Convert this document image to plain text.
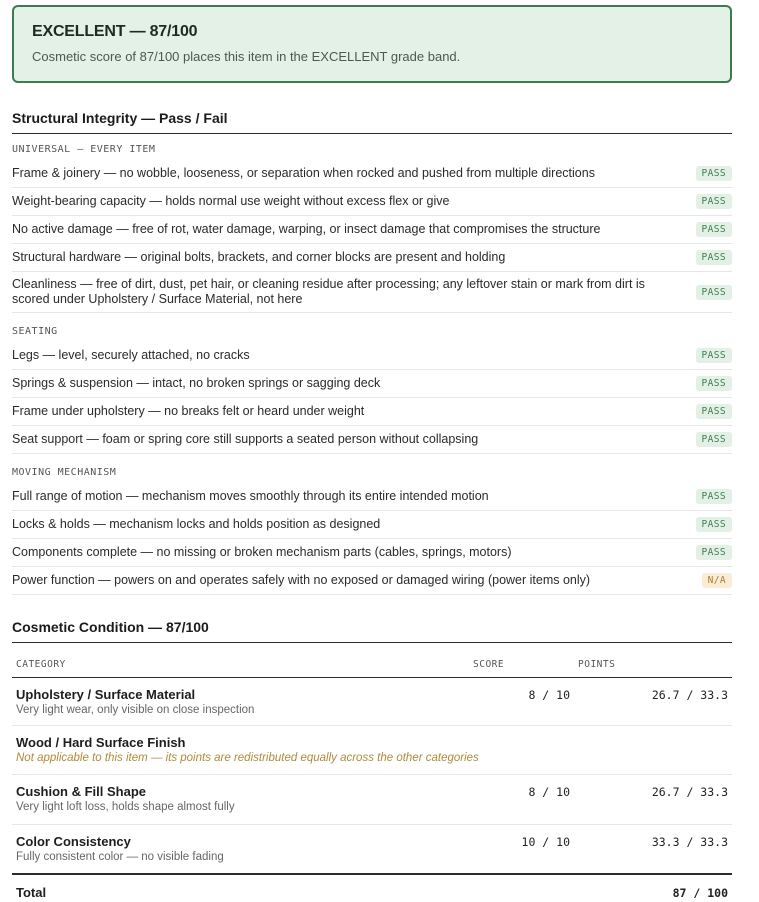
EXCELLENT — 87/100
Cosmetic score of 87/100 places this item in the EXCELLENT grade band.
Structural Integrity — Pass / Fail
UNIVERSAL — EVERY ITEM
Frame & joinery — no wobble, looseness, or separation when rocked and pushed from multiple directions	PASS
Weight-bearing capacity — holds normal use weight without excess flex or give	PASS
No active damage — free of rot, water damage, warping, or insect damage that compromises the structure	PASS
Structural hardware — original bolts, brackets, and corner blocks are present and holding	PASS
Cleanliness — free of dirt, dust, pet hair, or cleaning residue after processing; any leftover stain or mark from dirt is scored under Upholstery / Surface Material, not here	PASS
SEATING
Legs — level, securely attached, no cracks	PASS
Springs & suspension — intact, no broken springs or sagging deck	PASS
Frame under upholstery — no breaks felt or heard under weight	PASS
Seat support — foam or spring core still supports a seated person without collapsing	PASS
MOVING MECHANISM
Full range of motion — mechanism moves smoothly through its entire intended motion	PASS
Locks & holds — mechanism locks and holds position as designed	PASS
Components complete — no missing or broken mechanism parts (cables, springs, motors)	PASS
Power function — powers on and operates safely with no exposed or damaged wiring (power items only)	N/A
Cosmetic Condition — 87/100
CATEGORY	SCORE	POINTS
Upholstery / Surface Material
Very light wear, only visible on close inspection
8 / 10	26.7 / 33.3
Wood / Hard Surface Finish
Not applicable to this item — its points are redistributed equally across the other categories
Cushion & Fill Shape
Very light loft loss, holds shape almost fully
8 / 10	26.7 / 33.3
Color Consistency
Fully consistent color — no visible fading
10 / 10	33.3 / 33.3
Total	87 / 100
